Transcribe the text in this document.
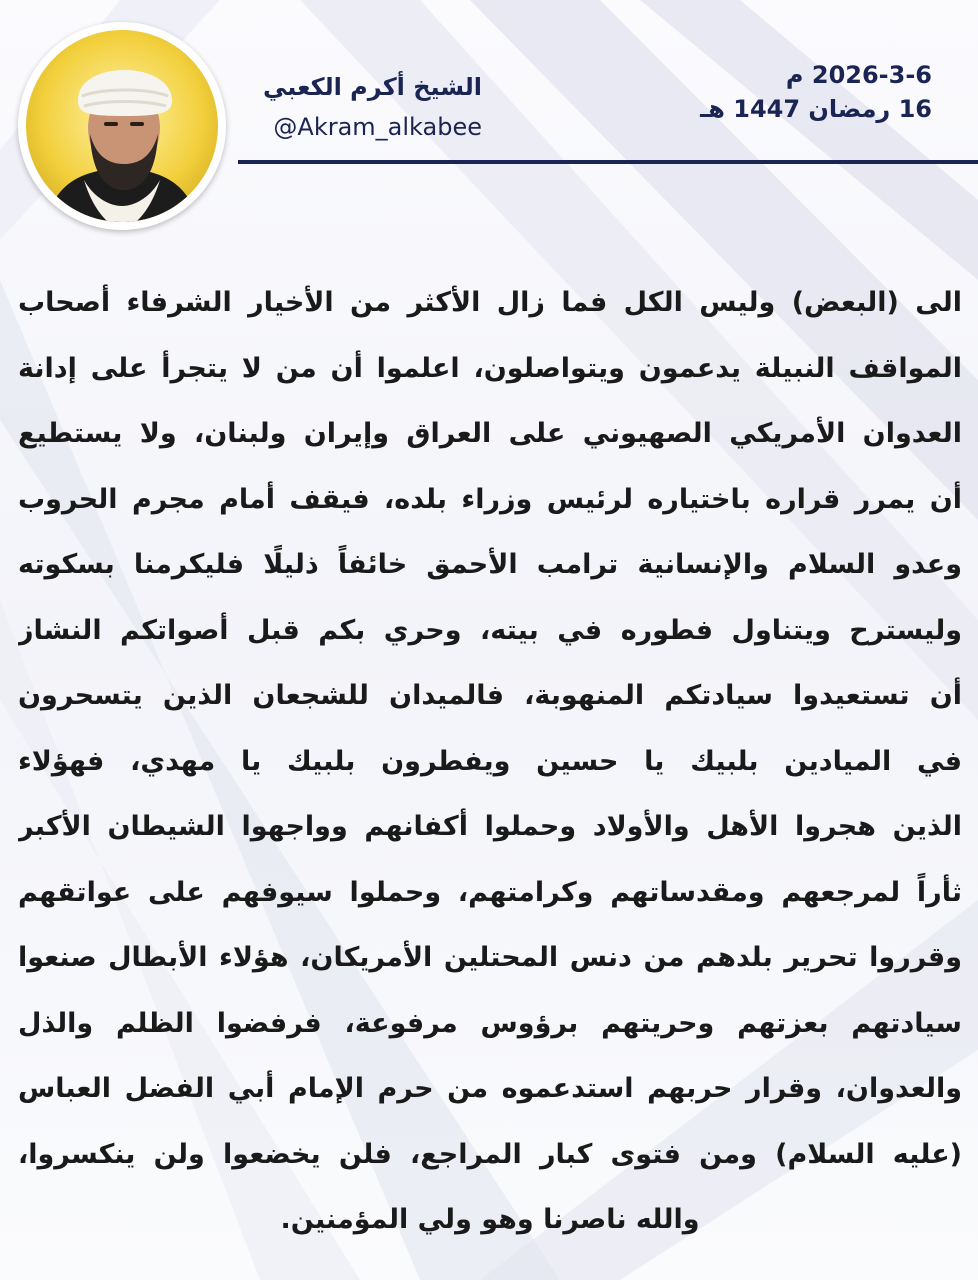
الشيخ أكرم الكعبي
@Akram_alkabee
2026-3-6 م
16 رمضان 1447 هـ
الى (البعض) وليس الكل فما زال الأكثر من الأخيار الشرفاء أصحاب
المواقف النبيلة يدعمون ويتواصلون، اعلموا أن من لا يتجرأ على إدانة
العدوان الأمريكي الصهيوني على العراق وإيران ولبنان، ولا يستطيع
أن يمرر قراره باختياره لرئيس وزراء بلده، فيقف أمام مجرم الحروب
وعدو السلام والإنسانية ترامب الأحمق خائفاً ذليلًا فليكرمنا بسكوته
وليسترح ويتناول فطوره في بيته، وحري بكم قبل أصواتكم النشاز
أن تستعيدوا سيادتكم المنهوبة، فالميدان للشجعان الذين يتسحرون
في الميادين بلبيك يا حسين ويفطرون بلبيك يا مهدي، فهؤلاء
الذين هجروا الأهل والأولاد وحملوا أكفانهم وواجهوا الشيطان الأكبر
ثأراً لمرجعهم ومقدساتهم وكرامتهم، وحملوا سيوفهم على عواتقهم
وقرروا تحرير بلدهم من دنس المحتلين الأمريكان، هؤلاء الأبطال صنعوا
سيادتهم بعزتهم وحريتهم برؤوس مرفوعة، فرفضوا الظلم والذل
والعدوان، وقرار حربهم استدعموه من حرم الإمام أبي الفضل العباس
(عليه السلام) ومن فتوى كبار المراجع، فلن يخضعوا ولن ينكسروا،
والله ناصرنا وهو ولي المؤمنين.
